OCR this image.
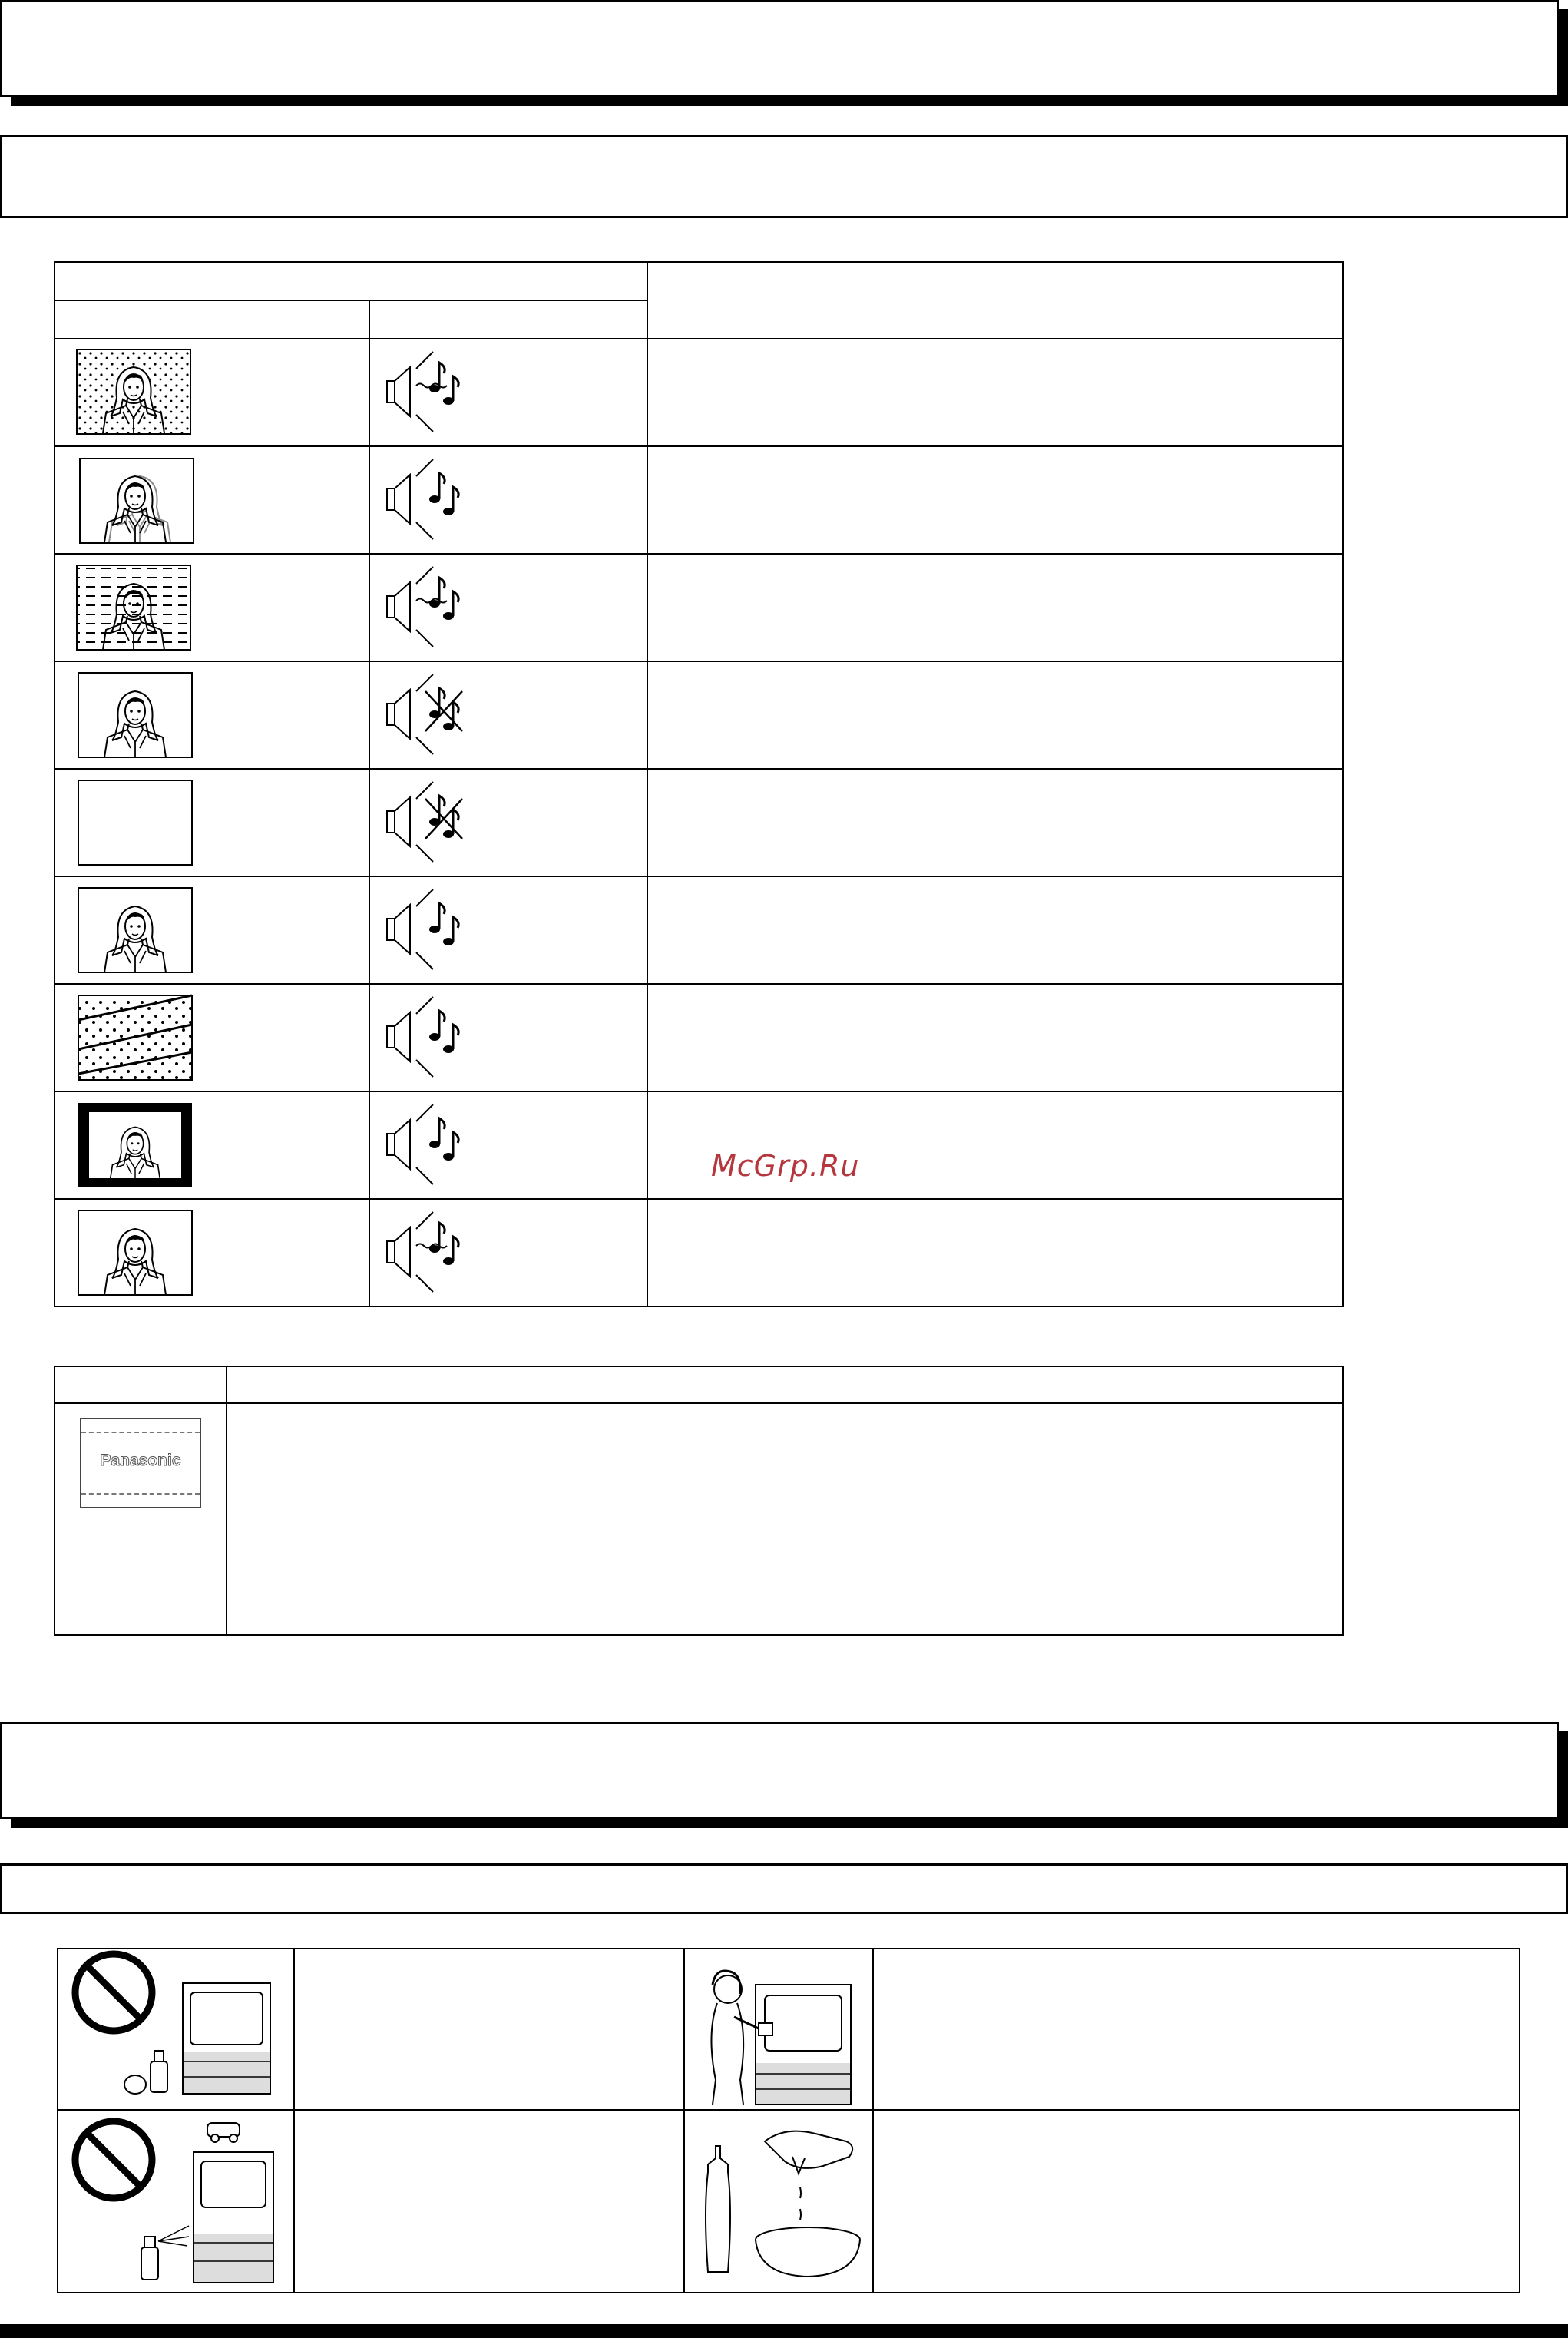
McGrp.Ru

Panasonic	
